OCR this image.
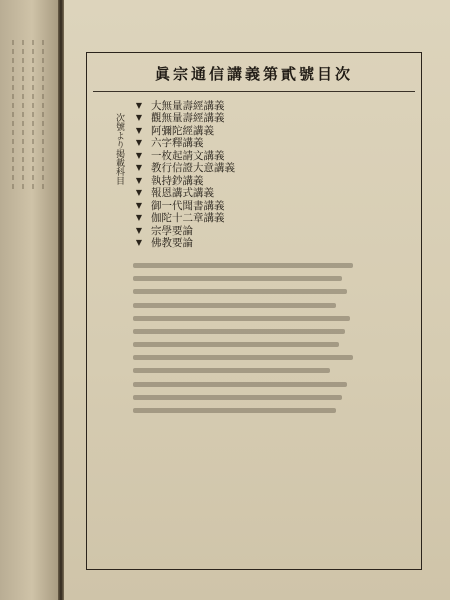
眞宗通信講義第貳號目次
次號より掲載科目
▼ 大無量壽經講義
▼ 觀無量壽經講義
▼ 阿彌陀經講義
▼ 六字釋講義
▼ 一枚起請文講義
▼ 教行信證大意講義
▼ 執持鈔講義
▼ 報恩講式講義
▼ 御一代聞書講義
▼ 伽陀十二章講義
▼ 宗學要論
▼ 佛教要論
